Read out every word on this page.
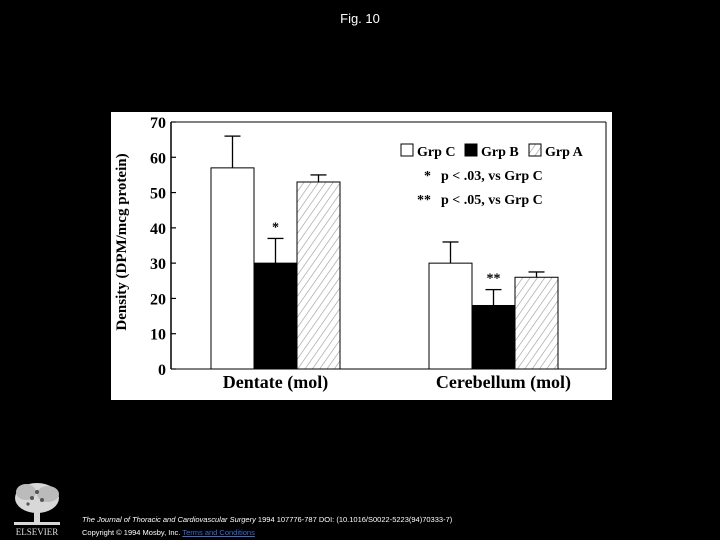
Fig. 10
0
10
20
30
40
50
60
70
Dentate (mol)	Cerebellum (mol)
*
**
Grp C Grp B Grp A
* p < .03, vs Grp C
** p < .05, vs Grp C
Density (DPM/mcg protein)
ELSEVIER
The Journal of Thoracic and Cardiovascular Surgery 1994 107776-787 DOI: (10.1016/S0022-5223(94)70333-7)
Copyright © 1994 Mosby, Inc. Terms and Conditions
